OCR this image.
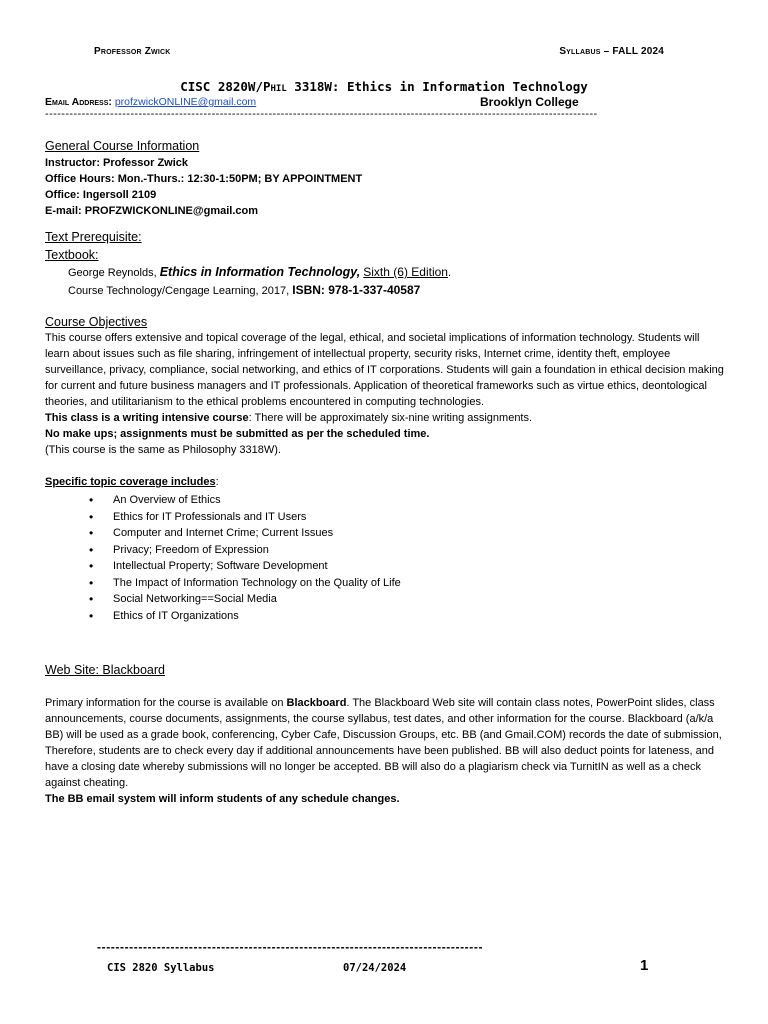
Professor Zwick	Syllabus – FALL 2024
CISC 2820W/Phil 3318W: Ethics in Information Technology
Email Address: profzwickONLINE@gmail.com	Brooklyn College
----------------------------------------------------------------------------------------------------------------------------------------
General Course Information

Instructor: Professor Zwick

Office Hours: Mon.-Thurs.: 12:30-1:50PM; BY APPOINTMENT

Office: Ingersoll 2109

E-mail: PROFZWICKONLINE@gmail.com

Text Prerequisite:
Textbook:
George Reynolds, Ethics in Information Technology, Sixth (6) Edition.
Course Technology/Cengage Learning, 2017, ISBN: 978-1-337-40587
Course Objectives

This course offers extensive and topical coverage of the legal, ethical, and societal implications of information technology. Students will learn about issues such as file sharing, infringement of intellectual property, security risks, Internet crime, identity theft, employee surveillance, privacy, compliance, social networking, and ethics of IT corporations. Students will gain a foundation in ethical decision making for current and future business managers and IT professionals. Application of theoretical frameworks such as virtue ethics, deontological theories, and utilitarianism to the ethical problems encountered in computing technologies.

This class is a writing intensive course: There will be approximately six-nine writing assignments.

No make ups; assignments must be submitted as per the scheduled time.

(This course is the same as Philosophy 3318W).

Specific topic coverage includes:

• An Overview of Ethics
• Ethics for IT Professionals and IT Users
• Computer and Internet Crime; Current Issues
• Privacy; Freedom of Expression
• Intellectual Property; Software Development
• The Impact of Information Technology on the Quality of Life
• Social Networking==Social Media
• Ethics of IT Organizations
Web Site: Blackboard

Primary information for the course is available on Blackboard. The Blackboard Web site will contain class notes, PowerPoint slides, class announcements, course documents, assignments, the course syllabus, test dates, and other information for the course. Blackboard (a/k/a BB) will be used as a grade book, conferencing, Cyber Cafe, Discussion Groups, etc. BB (and Gmail.COM) records the date of submission, Therefore, students are to check every day if additional announcements have been published. BB will also deduct points for lateness, and have a closing date whereby submissions will no longer be accepted. BB will also do a plagiarism check via TurnitIN as well as a check against cheating.

The BB email system will inform students of any schedule changes.

------------------------------------------------------------------------------------
CIS 2820 Syllabus	07/24/2024	1
